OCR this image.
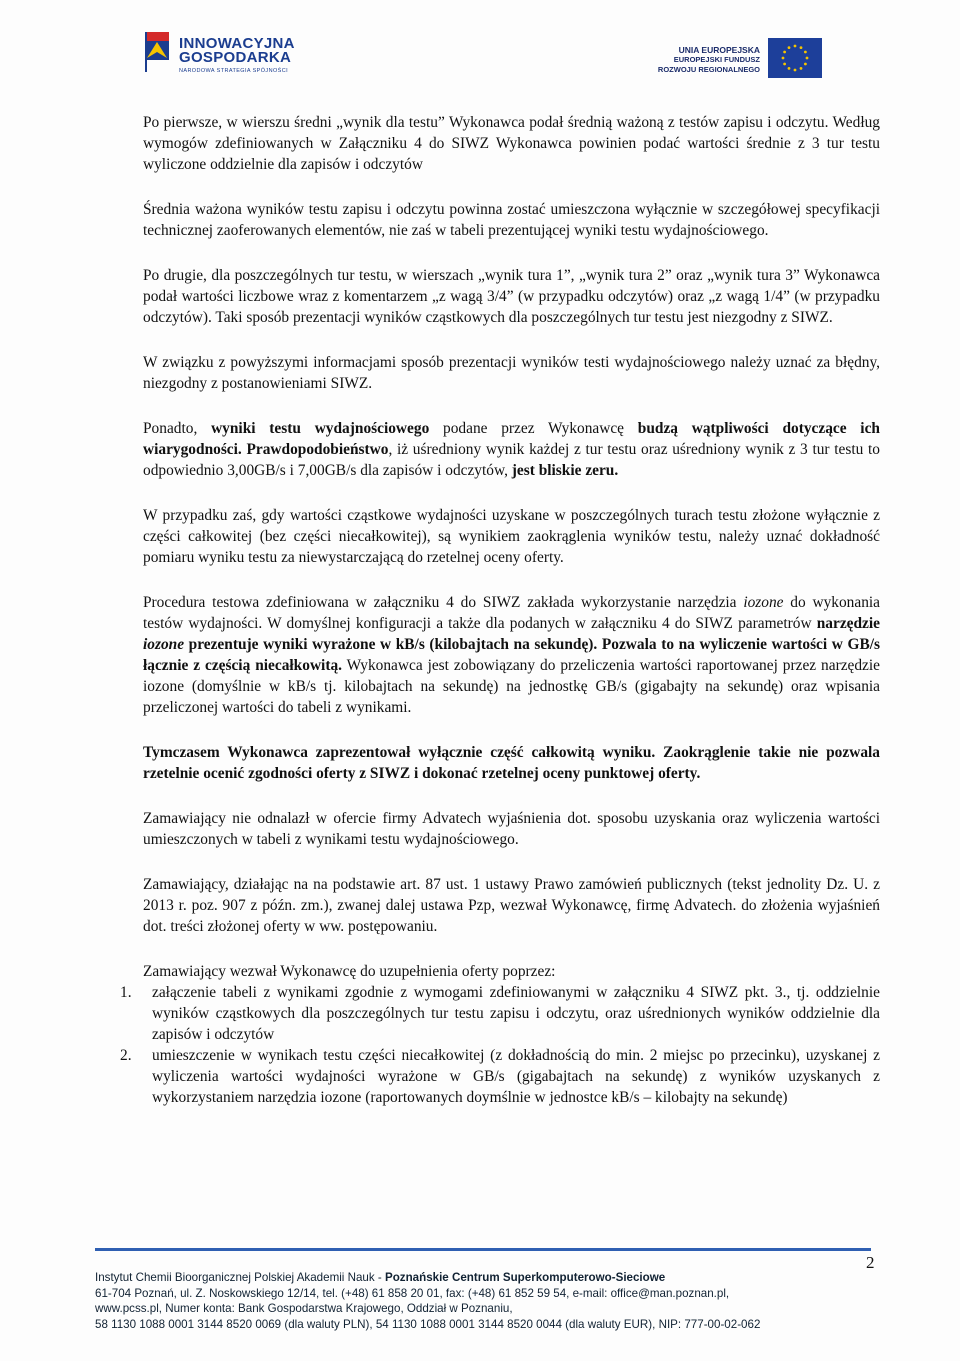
INNOWACYJNA
GOSPODARKA
NARODOWA STRATEGIA SPÓJNOŚCI
UNIA EUROPEJSKA
EUROPEJSKI FUNDUSZ
ROZWOJU REGIONALNEGO

Po pierwsze, w wierszu średni „wynik dla testu” Wykonawca podał średnią ważoną z testów zapisu i odczytu. Według wymogów zdefiniowanych w Załączniku 4 do SIWZ Wykonawca powinien podać wartości średnie z 3 tur testu wyliczone oddzielnie dla zapisów i odczytów

Średnia ważona wyników testu zapisu i odczytu powinna zostać umieszczona wyłącznie w szczegółowej specyfikacji technicznej zaoferowanych elementów, nie zaś w tabeli prezentującej wyniki testu wydajnościowego.

Po drugie, dla poszczególnych tur testu, w wierszach „wynik tura 1”, „wynik tura 2” oraz „wynik tura 3” Wykonawca podał wartości liczbowe wraz z komentarzem „z wagą 3/4” (w przypadku odczytów) oraz „z wagą 1/4” (w przypadku odczytów). Taki sposób prezentacji wyników cząstkowych dla poszczególnych tur testu jest niezgodny z SIWZ.

W związku z powyższymi informacjami sposób prezentacji wyników testi wydajnościowego należy uznać za błędny, niezgodny z postanowieniami SIWZ.

Ponadto, wyniki testu wydajnościowego podane przez Wykonawcę budzą wątpliwości dotyczące ich wiarygodności. Prawdopodobieństwo, iż uśredniony wynik każdej z tur testu oraz uśredniony wynik z 3 tur testu to odpowiednio 3,00GB/s i 7,00GB/s dla zapisów i odczytów, jest bliskie zeru.

W przypadku zaś, gdy wartości cząstkowe wydajności uzyskane w poszczególnych turach testu złożone wyłącznie z części całkowitej (bez części niecałkowitej), są wynikiem zaokrąglenia wyników testu, należy uznać dokładność pomiaru wyniku testu za niewystarczającą do rzetelnej oceny oferty.

Procedura testowa zdefiniowana w załączniku 4 do SIWZ zakłada wykorzystanie narzędzia iozone do wykonania testów wydajności. W domyślnej konfiguracji a także dla podanych w załączniku 4 do SIWZ parametrów narzędzie iozone prezentuje wyniki wyrażone w kB/s (kilobajtach na sekundę). Pozwala to na wyliczenie wartości w GB/s łącznie z częścią niecałkowitą. Wykonawca jest zobowiązany do przeliczenia wartości raportowanej przez narzędzie iozone (domyślnie w kB/s tj. kilobajtach na sekundę) na jednostkę GB/s (gigabajty na sekundę) oraz wpisania przeliczonej wartości do tabeli z wynikami.

Tymczasem Wykonawca zaprezentował wyłącznie część całkowitą wyniku. Zaokrąglenie takie nie pozwala rzetelnie ocenić zgodności oferty z SIWZ i dokonać rzetelnej oceny punktowej oferty.

Zamawiający nie odnalazł w ofercie firmy Advatech wyjaśnienia dot. sposobu uzyskania oraz wyliczenia wartości umieszczonych w tabeli z wynikami testu wydajnościowego.

Zamawiający, działając na na podstawie art. 87 ust. 1 ustawy Prawo zamówień publicznych (tekst jednolity Dz. U. z 2013 r. poz. 907 z późn. zm.), zwanej dalej ustawa Pzp, wezwał Wykonawcę, firmę Advatech. do złożenia wyjaśnień dot. treści złożonej oferty w ww. postępowaniu.

Zamawiający wezwał Wykonawcę do uzupełnienia oferty poprzez:

1. załączenie tabeli z wynikami zgodnie z wymogami zdefiniowanymi w załączniku 4 SIWZ pkt. 3., tj. oddzielnie wyników cząstkowych dla poszczególnych tur testu zapisu i odczytu, oraz uśrednionych wyników oddzielnie dla zapisów i odczytów
2. umieszczenie w wynikach testu części niecałkowitej (z dokładnością do min. 2 miejsc po przecinku), uzyskanej z wyliczenia wartości wydajności wyrażone w GB/s (gigabajtach na sekundę) z wyników uzyskanych z wykorzystaniem narzędzia iozone (raportowanych doymślnie w jednostce kB/s – kilobajty na sekundę)
2
Instytut Chemii Bioorganicznej Polskiej Akademii Nauk - Poznańskie Centrum Superkomputerowo-Sieciowe
61-704 Poznań, ul. Z. Noskowskiego 12/14, tel. (+48) 61 858 20 01, fax: (+48) 61 852 59 54, e-mail: office@man.poznan.pl,
www.pcss.pl, Numer konta: Bank Gospodarstwa Krajowego, Oddział w Poznaniu,
58 1130 1088 0001 3144 8520 0069 (dla waluty PLN), 54 1130 1088 0001 3144 8520 0044 (dla waluty EUR), NIP: 777-00-02-062
